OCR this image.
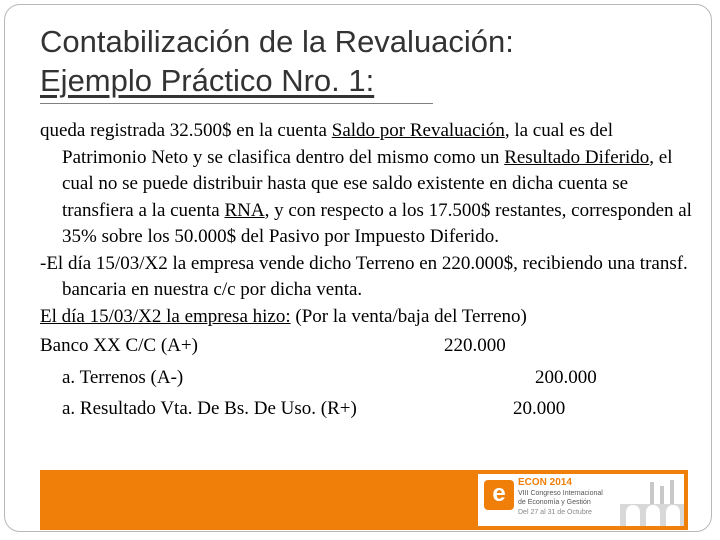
Contabilización de la Revaluación:
Ejemplo Práctico Nro. 1:

queda registrada 32.500$ en la cuenta Saldo por Revaluación, la cual es del Patrimonio Neto y se clasifica dentro del mismo como un Resultado Diferido, el cual no se puede distribuir hasta que ese saldo existente en dicha cuenta se transfiera a la cuenta RNA, y con respecto a los 17.500$ restantes, corresponden al 35% sobre los 50.000$ del Pasivo por Impuesto Diferido.

-El día 15/03/X2 la empresa vende dicho Terreno en 220.000$, recibiendo una transf. bancaria en nuestra c/c por dicha venta.

El día 15/03/X2 la empresa hizo: (Por la venta/baja del Terreno)

Banco XX C/C (A+)	220.000
a. Terrenos (A-)	200.000
a. Resultado Vta. De Bs. De Uso. (R+)	20.000
e	ECON 2014
VIII Congreso Internacional
de Economía y Gestión
Del 27 al 31 de Octubre
